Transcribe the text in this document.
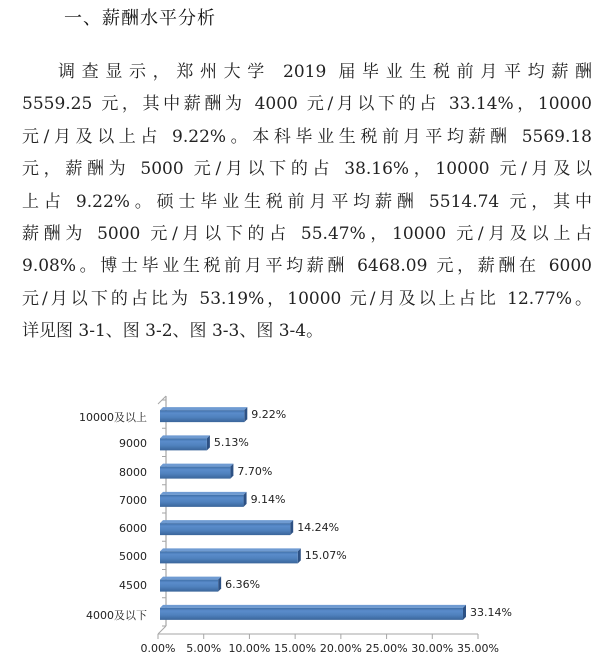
一、薪酬水平分析
调查显示，郑州大学 2019 届毕业生税前月平均薪酬
5559.25 元，其中薪酬为 4000 元/月以下的占 33.14%，10000
元/月及以上占 9.22%。本科毕业生税前月平均薪酬 5569.18
元，薪酬为 5000 元/月以下的占 38.16%，10000 元/月及以
上占 9.22%。硕士毕业生税前月平均薪酬 5514.74 元，其中
薪酬为 5000 元/月以下的占 55.47%，10000 元/月及以上占
9.08%。博士毕业生税前月平均薪酬 6468.09 元，薪酬在 6000
元/月以下的占比为 53.19%，10000 元/月及以上占比 12.77%。
详见图 3-1、图 3-2、图 3-3、图 3-4。
0.00% 5.00% 10.00% 15.00% 20.00% 25.00% 30.00% 35.00%
9.22%
10000及以上
5.13%
9000
7.70%
8000
9.14%
7000
14.24%
6000
15.07%
5000
6.36%
4500
33.14%
4000及以下
